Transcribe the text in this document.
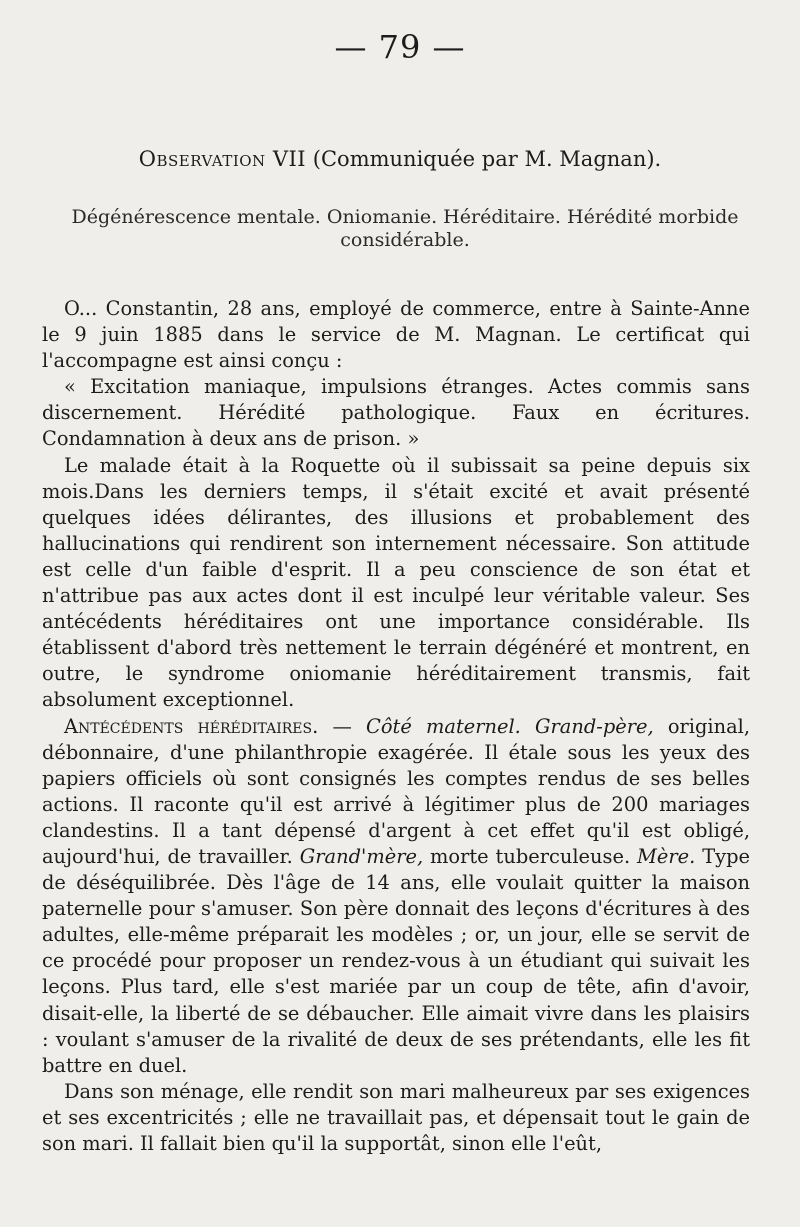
— 79 —
Observation VII (Communiquée par M. Magnan).
Dégénérescence mentale. Oniomanie. Héréditaire. Hérédité morbide considérable.

O... Constantin, 28 ans, employé de commerce, entre à Sainte-Anne le 9 juin 1885 dans le service de M. Magnan. Le certificat qui l'accompagne est ainsi conçu :

« Excitation maniaque, impulsions étranges. Actes commis sans discernement. Hérédité pathologique. Faux en écritures. Condamnation à deux ans de prison. »

Le malade était à la Roquette où il subissait sa peine depuis six mois.Dans les derniers temps, il s'était excité et avait présenté quelques idées délirantes, des illusions et probablement des hallucinations qui rendirent son internement nécessaire. Son attitude est celle d'un faible d'esprit. Il a peu conscience de son état et n'attribue pas aux actes dont il est inculpé leur véritable valeur. Ses antécédents héréditaires ont une importance considérable. Ils établissent d'abord très nettement le terrain dégénéré et montrent, en outre, le syndrome oniomanie héréditairement transmis, fait absolument exceptionnel.

Antécédents héréditaires. — Côté maternel. Grand-père, original, débonnaire, d'une philanthropie exagérée. Il étale sous les yeux des papiers officiels où sont consignés les comptes rendus de ses belles actions. Il raconte qu'il est arrivé à légitimer plus de 200 mariages clandestins. Il a tant dépensé d'argent à cet effet qu'il est obligé, aujourd'hui, de travailler. Grand'mère, morte tuberculeuse. Mère. Type de déséquilibrée. Dès l'âge de 14 ans, elle voulait quitter la maison paternelle pour s'amuser. Son père donnait des leçons d'écritures à des adultes, elle-même préparait les modèles ; or, un jour, elle se servit de ce procédé pour proposer un rendez-vous à un étudiant qui suivait les leçons. Plus tard, elle s'est mariée par un coup de tête, afin d'avoir, disait-elle, la liberté de se débaucher. Elle aimait vivre dans les plaisirs : voulant s'amuser de la rivalité de deux de ses prétendants, elle les fit battre en duel.

Dans son ménage, elle rendit son mari malheureux par ses exigences et ses excentricités ; elle ne travaillait pas, et dépensait tout le gain de son mari. Il fallait bien qu'il la supportât, sinon elle l'eût,
